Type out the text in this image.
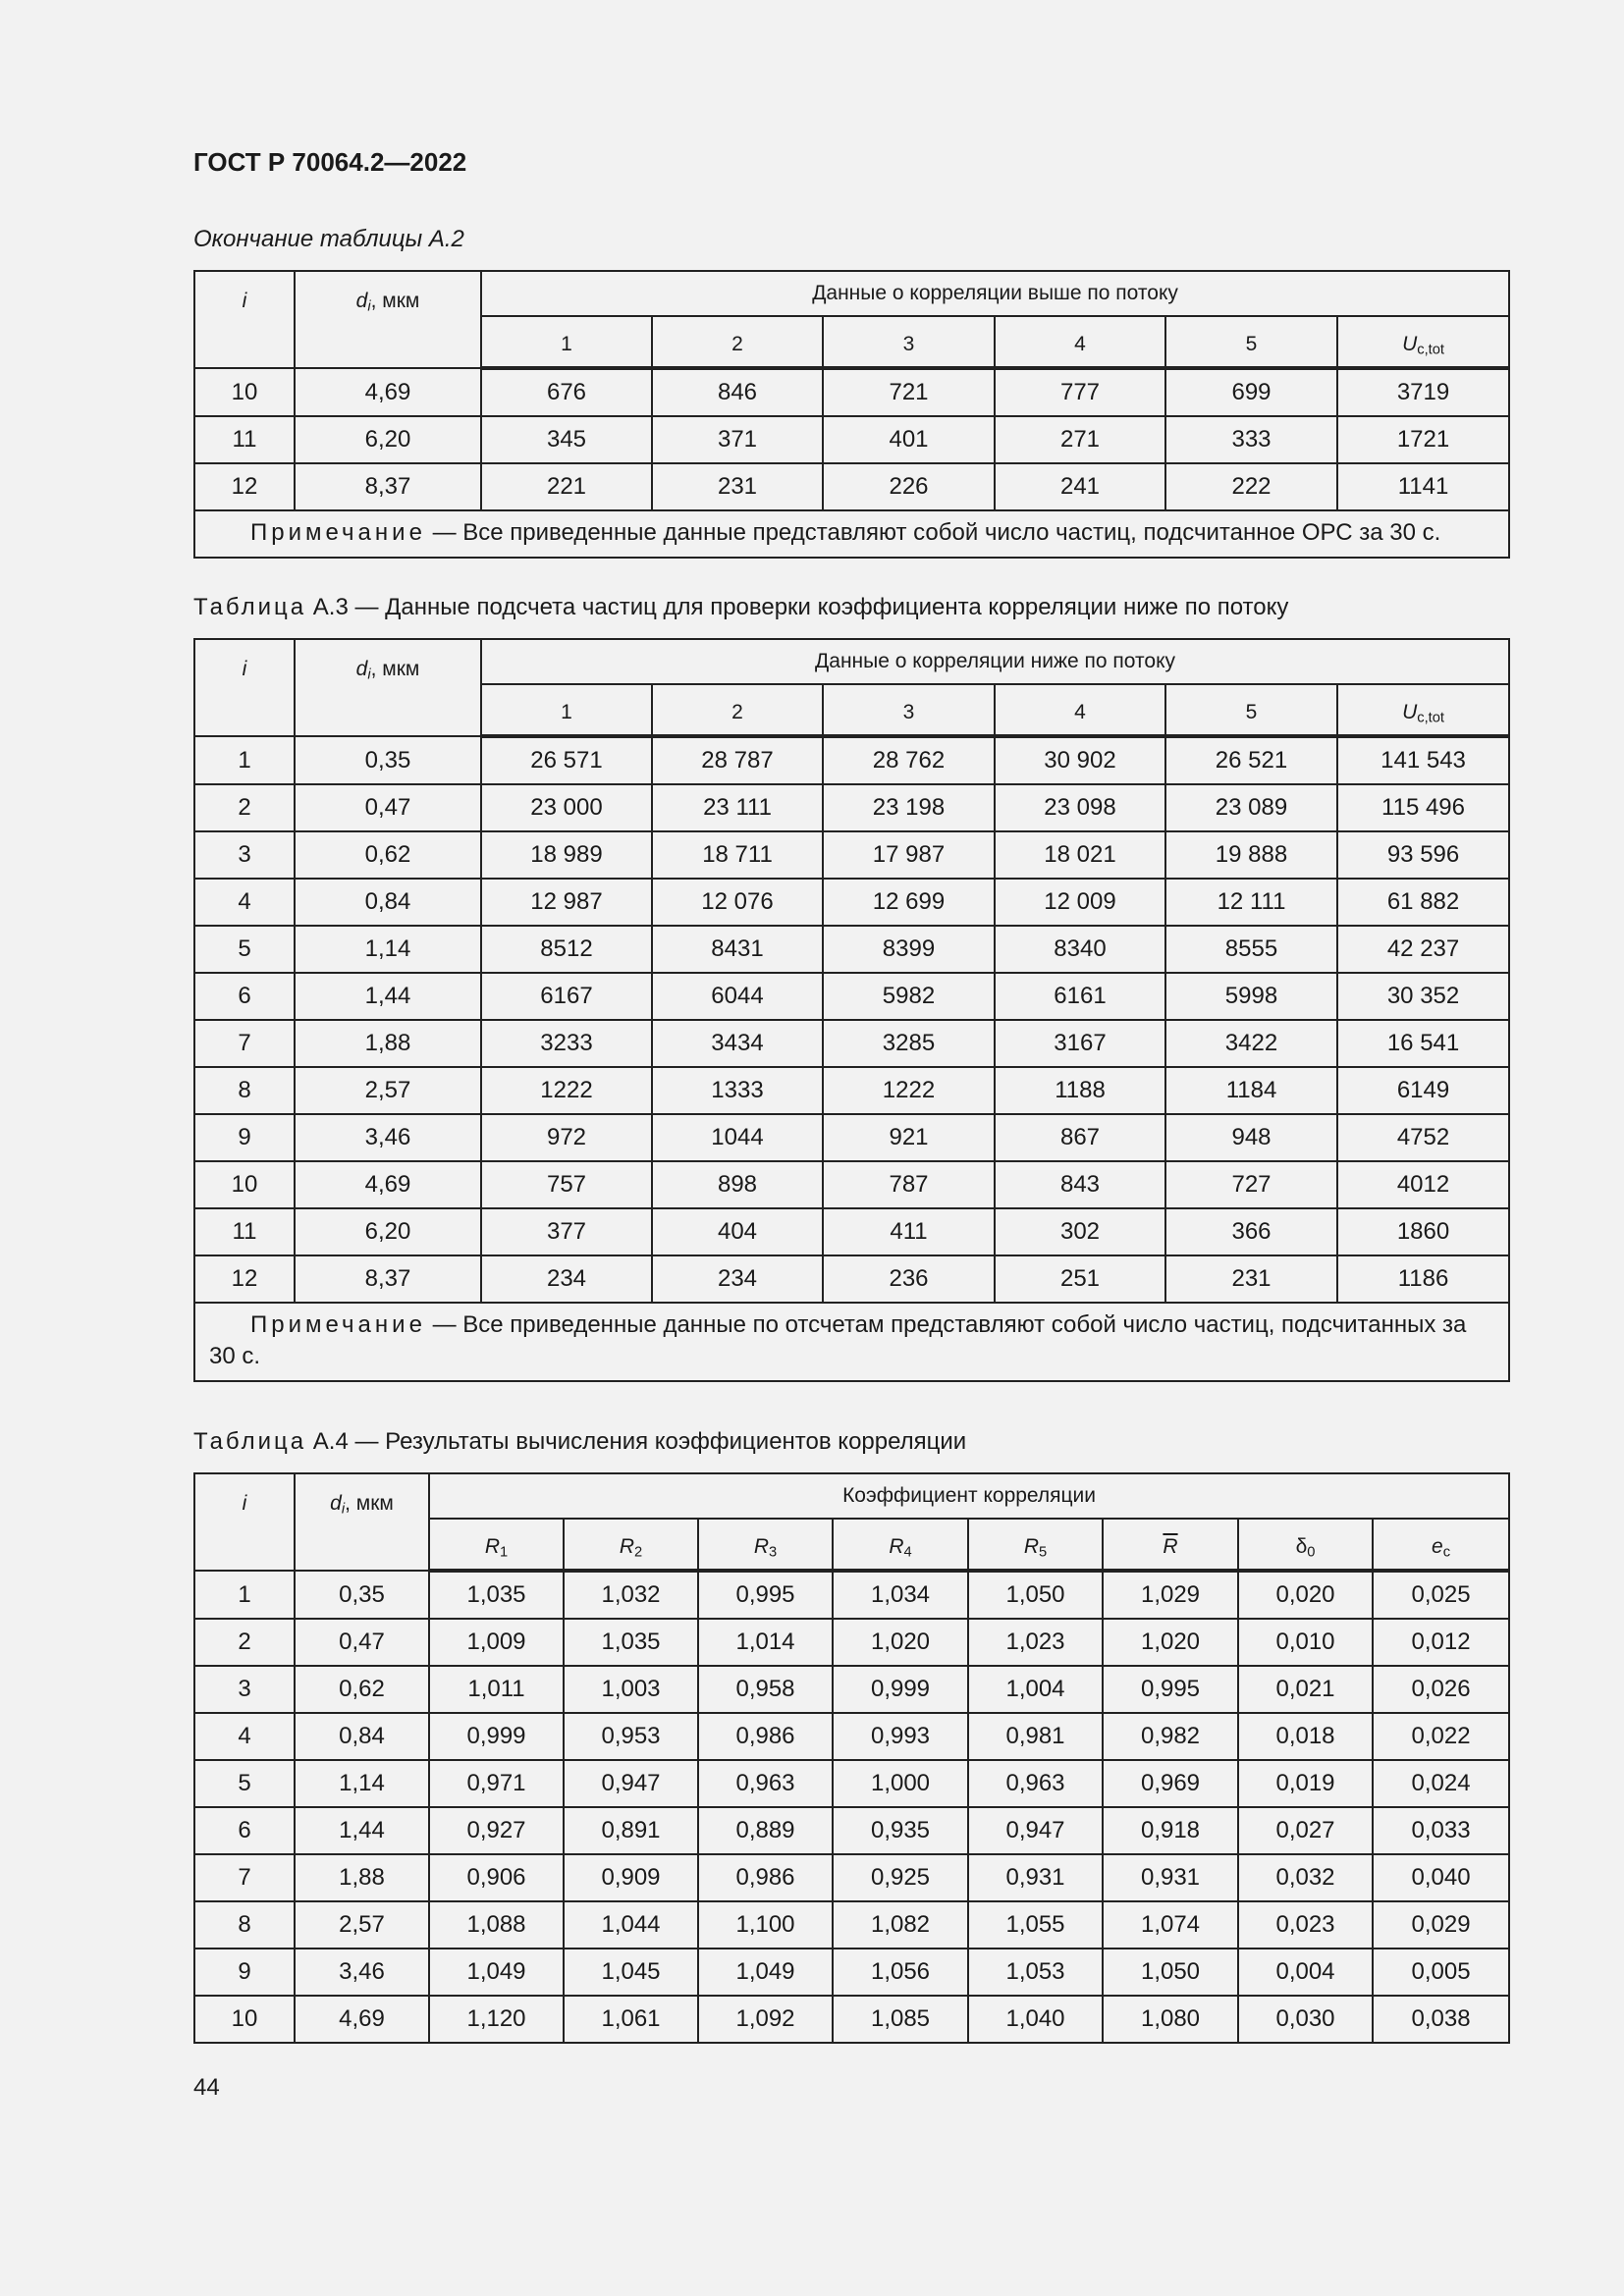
ГОСТ Р 70064.2—2022
Окончание таблицы А.2
i	$d_i$, мкм	Данные о корреляции выше по потоку					
		1	2	3	4	5	$U_{c,tot}$
10	4,69	676	846	721	777	699	3719
11	6,20	345	371	401	271	333	1721
12	8,37	221	231	226	241	222	1141
Примечание — Все приведенные данные представляют собой число частиц, подсчитанное ОРС за 30 с.							
Таблица А.3 — Данные подсчета частиц для проверки коэффициента корреляции ниже по потоку
i	$d_i$, мкм	Данные о корреляции ниже по потоку					
		1	2	3	4	5	$U_{c,tot}$
1	0,35	26 571	28 787	28 762	30 902	26 521	141 543
2	0,47	23 000	23 111	23 198	23 098	23 089	115 496
3	0,62	18 989	18 711	17 987	18 021	19 888	93 596
4	0,84	12 987	12 076	12 699	12 009	12 111	61 882
5	1,14	8512	8431	8399	8340	8555	42 237
6	1,44	6167	6044	5982	6161	5998	30 352
7	1,88	3233	3434	3285	3167	3422	16 541
8	2,57	1222	1333	1222	1188	1184	6149
9	3,46	972	1044	921	867	948	4752
10	4,69	757	898	787	843	727	4012
11	6,20	377	404	411	302	366	1860
12	8,37	234	234	236	251	231	1186
Примечание — Все приведенные данные по отсчетам представляют собой число частиц, подсчитанных за 30 с.							
Таблица А.4 — Результаты вычисления коэффициентов корреляции
i	$d_i$, мкм	Коэффициент корреляции							
		$R_1$	$R_2$	$R_3$	$R_4$	$R_5$	$\overline{R}$	$\delta_0$	$e_c$
1	0,35	1,035	1,032	0,995	1,034	1,050	1,029	0,020	0,025
2	0,47	1,009	1,035	1,014	1,020	1,023	1,020	0,010	0,012
3	0,62	1,011	1,003	0,958	0,999	1,004	0,995	0,021	0,026
4	0,84	0,999	0,953	0,986	0,993	0,981	0,982	0,018	0,022
5	1,14	0,971	0,947	0,963	1,000	0,963	0,969	0,019	0,024
6	1,44	0,927	0,891	0,889	0,935	0,947	0,918	0,027	0,033
7	1,88	0,906	0,909	0,986	0,925	0,931	0,931	0,032	0,040
8	2,57	1,088	1,044	1,100	1,082	1,055	1,074	0,023	0,029
9	3,46	1,049	1,045	1,049	1,056	1,053	1,050	0,004	0,005
10	4,69	1,120	1,061	1,092	1,085	1,040	1,080	0,030	0,038
44
